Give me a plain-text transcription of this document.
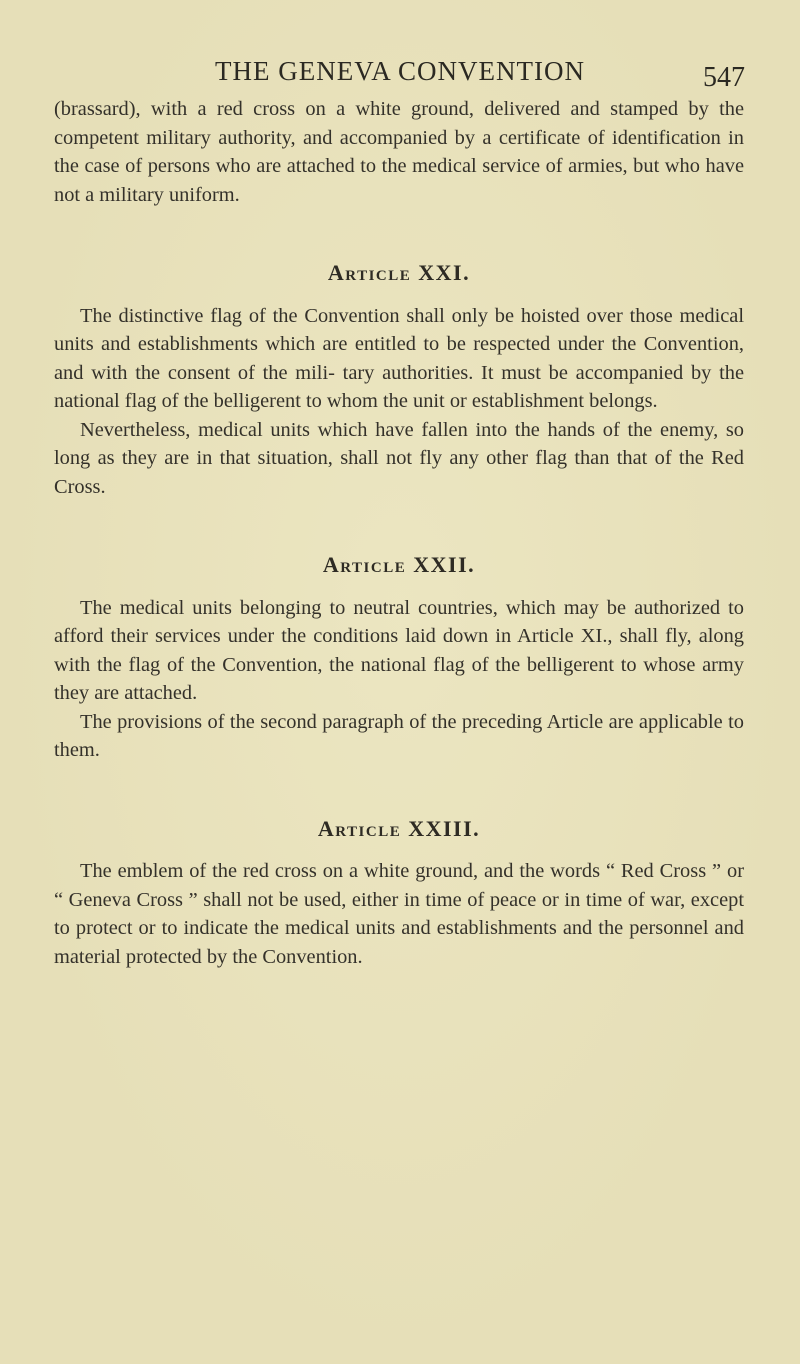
THE GENEVA CONVENTION	547

(brassard), with a red cross on a white ground, delivered and stamped by the competent military authority, and accompanied by a certificate of identification in the case of persons who are attached to the medical service of armies, but who have not a military uniform.

Article XXI.

The distinctive flag of the Convention shall only be hoisted over those medical units and establishments which are entitled to be respected under the Convention, and with the consent of the mili- tary authorities. It must be accompanied by the national flag of the belligerent to whom the unit or establishment belongs.

Nevertheless, medical units which have fallen into the hands of the enemy, so long as they are in that situation, shall not fly any other flag than that of the Red Cross.

Article XXII.

The medical units belonging to neutral countries, which may be authorized to afford their services under the conditions laid down in Article XI., shall fly, along with the flag of the Convention, the national flag of the belligerent to whose army they are attached.

The provisions of the second paragraph of the preceding Article are applicable to them.

Article XXIII.

The emblem of the red cross on a white ground, and the words “ Red Cross ” or “ Geneva Cross ” shall not be used, either in time of peace or in time of war, except to protect or to indicate the medical units and establishments and the personnel and material protected by the Convention.
